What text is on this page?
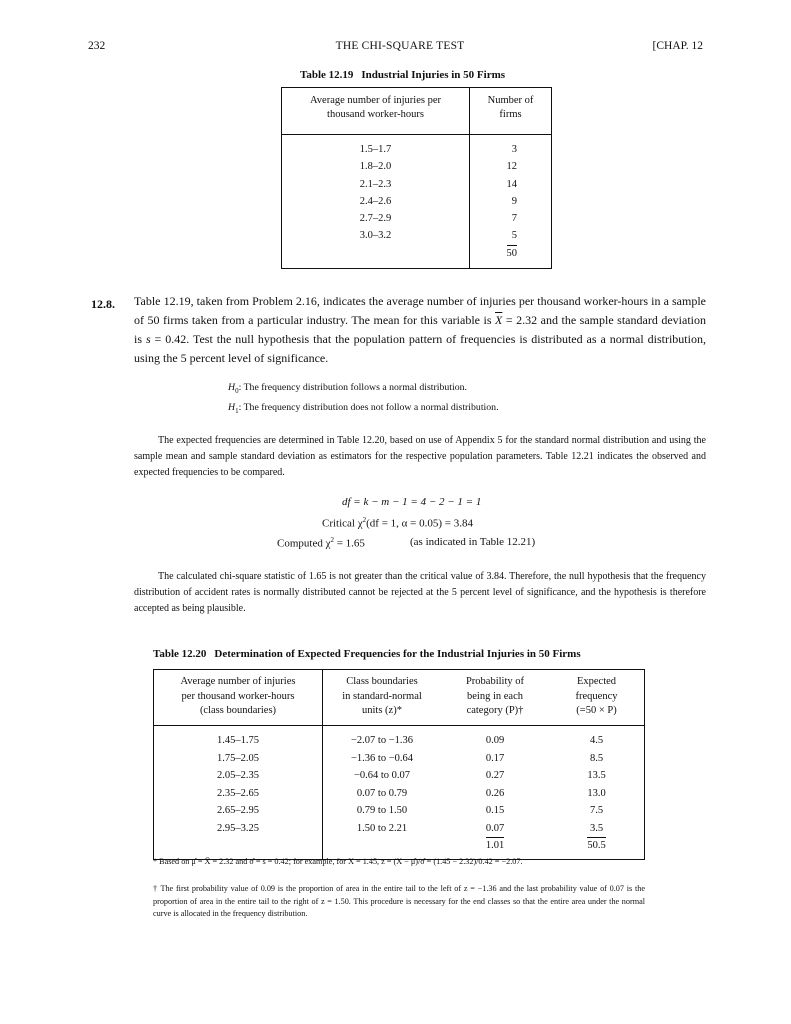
232	THE CHI-SQUARE TEST	[CHAP. 12
Table 12.19 Industrial Injuries in 50 Firms
Average number of injuries per
thousand worker-hours	Number of
firms
1.5–1.7	3
1.8–2.0	12
2.1–2.3	14
2.4–2.6	9
2.7–2.9	7
3.0–3.2	5
	50
12.8. Table 12.19, taken from Problem 2.16, indicates the average number of injuries per thousand worker-hours in a sample of 50 firms taken from a particular industry. The mean for this variable is $\overline{X} = 2.32$ and the sample standard deviation is s = 0.42. Test the null hypothesis that the population pattern of frequencies is distributed as a normal distribution, using the 5 percent level of significance.
$H_0$: The frequency distribution follows a normal distribution.
$H_1$: The frequency distribution does not follow a normal distribution.
The expected frequencies are determined in Table 12.20, based on use of Appendix 5 for the standard normal distribution and using the sample mean and sample standard deviation as estimators for the respective population parameters. Table 12.21 indicates the observed and expected frequencies to be compared.
df = k − m − 1 = 4 − 2 − 1 = 1
Critical $\chi^2(df = 1$, α = 0.05) = 3.84
Computed $\chi^2 = 1.65$	(as indicated in Table 12.21)
The calculated chi-square statistic of 1.65 is not greater than the critical value of 3.84. Therefore, the null hypothesis that the frequency distribution of accident rates is normally distributed cannot be rejected at the 5 percent level of significance, and the hypothesis is therefore accepted as being plausible.
Table 12.20 Determination of Expected Frequencies for the Industrial Injuries in 50 Firms
Average number of injuries
per thousand worker-hours
(class boundaries)	Class boundaries
in standard-normal
units (z)*	Probability of
being in each
category (P)†	Expected
frequency
(=50 × P)
1.45–1.75	−2.07 to −1.36	0.09	4.5
1.75–2.05	−1.36 to −0.64	0.17	8.5
2.05–2.35	−0.64 to 0.07	0.27	13.5
2.35–2.65	0.07 to 0.79	0.26	13.0
2.65–2.95	0.79 to 1.50	0.15	7.5
2.95–3.25	1.50 to 2.21	0.07	3.5
		1.01	50.5
* Based on μ̂ = X̄ = 2.32 and σ̂ = s = 0.42; for example, for X = 1.45, z = (X − μ̂)/σ̂ = (1.45 − 2.32)/0.42 = −2.07.
† The first probability value of 0.09 is the proportion of area in the entire tail to the left of z = −1.36 and the last probability value of 0.07 is the proportion of area in the entire tail to the right of z = 1.50. This procedure is necessary for the end classes so that the entire area under the normal curve is allocated in the frequency distribution.
